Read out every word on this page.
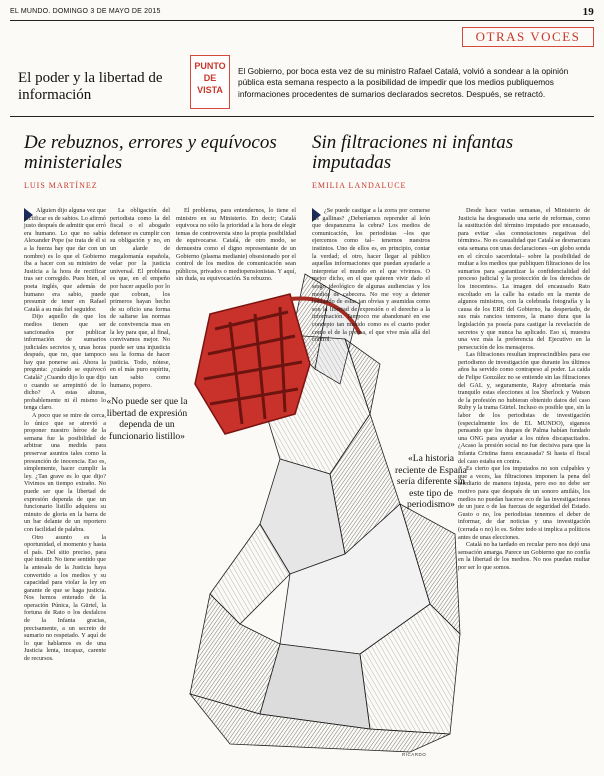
EL MUNDO. DOMINGO 3 DE MAYO DE 2015	19
OTRAS VOCES
El poder y la libertad de información
PUNTO
DE
VISTA
El Gobierno, por boca esta vez de su ministro Rafael Catalá, volvió a sondear a la opinión pública esta semana respecto a la posibilidad de impedir que los medios publiquemos informaciones procedentes de sumarios declarados secretos. Después, se retractó.
De rebuznos, errores y equívocos ministeriales
LUIS MARTÍNEZ
Sin filtraciones ni infantas imputadas
EMILIA LANDALUCE

Alguien dijo alguna vez que rectificar es de sabios. Lo afirmó justo después de admitir que erró era humano. Lo que no sabía Alexander Pope (se trata de él si a la fuerza hay que dar con un nombre) es lo que el Gobierno iba a hacer con su ministro de Justicia a la hora de rectificar tras ser corregido. Pues bien, el poeta inglés, que además de humano era sabio, puede presumir de tener en Rafael Catalá a su más fiel seguidor.

Dijo aquello de que los medios tienen que ser sancionados por publicar información de sumarios judiciales secretos y, unas horas después, que no, que tampoco hay que ponerse así. Ahora la pregunta: ¿cuándo se equivocó Catalá? ¿Cuando dijo lo que dijo o cuando se arrepintió de lo dicho? A estas alturas, probablemente ni él mismo lo tenga claro.

A poco que se mire de cerca, lo único que se atrevió a proponer nuestro héroe de la semana fue la posibilidad de arbitrar una medida para preservar asuntos tales como la presunción de inocencia. Eso es, simplemente, hacer cumplir la ley. ¿Tan grave es lo que dijo? Vivimos un tiempo extraño. No puede ser que la libertad de expresión dependa de que un funcionario listillo adquiera su minuto de gloria en la barra de un bar delante de un reportero con facilidad de palabra.

Otro asunto es la oportunidad, el momento y hasta el país. Del sitio preciso, para qué insistir. No tiene sentido que la antesala de la Justicia haya convertido a los medios y su capacidad para violar la ley en garante de que se haga justicia. Nos hemos enterado de la operación Púnica, la Gürtel, la fortuna de Rato o los desfalcos de la Infanta gracias, precisamente, a un secreto de sumario no respetado. Y aquí de lo que hablamos es de una Justicia lenta, incapaz, carente de recursos.

La obligación del periodista como la del fiscal o el abogado defensor es cumplir con su obligación y no, en un alarde de megalomanía española, velar por la justicia universal. El problema es que, en el empeño por hacer aquello por lo que cobran, los primeros hayan hecho de su oficio una forma de saltarse las normas de convivencia mas en la ley para que, al final, convivamos mejor. No puede ser una injusticia sea la forma de hacer justicia. Todo, nótese, en el más puro espíritu, tan sabio como humano, popero.

El problema, para entendernos, lo tiene el ministro en su Ministerio. En decir; Catalá equivoca no sólo la prioridad a la hora de elegir temas de controversia sino la propia posibilidad de equivocarse. Catalá, de otro modo, se demuestra como el digno representante de un Gobierno (plasma mediante) obsesionado por el control de los medios de comunicación sean públicos, privados o mediopensionistas. Y aquí, sin duda, su equivocación. Su rebuzno.

«No puede ser que la libertad de expresión dependa de un funcionario listillo»

¿Se puede castigar a la zorra por comerse las gallinas? ¿Deberíamos reprender al león que despanzurra la cebra? Los medios de comunicación, los periodistas –los que ejercemos como tal– tenemos nuestros instintos. Uno de ellos es, en principio, contar la verdad; el otro, hacer llegar al público aquellas informaciones que puedan ayudarle a interpretar el mundo en el que vivimos. O mejor dicho, en el que quieren vivir dado el sesgo ideológico de algunas audiencias y los medios de cabecera. No me voy a detener hablando de estas tan obvias y asumidas como son la libertad de expresión o el derecho a la información. Tampoco me abandonaré en ese concepto tan manido como es el cuarto poder como el de la prensa, el que vive más allá del control.

Desde hace varias semanas, el Ministerio de Justicia ha desgranado una serie de reformas, como la sustitución del término imputado por encausado, para evitar «las connotaciones negativas del término». No es casualidad que Catalá se desmarcara esta semana con unas declaraciones –un globo sonda en el círculo sacerdotal– sobre la posibilidad de multar a los medios que publiquen filtraciones de los sumarios para «garantizar la confidencialidad del proceso judicial y la protección de los derechos de los inocentes». La imagen del encausado Rato escoltado en la calle ha estado en la mente de algunos ministros, con la celebrada fotografía y la causa de los ERE del Gobierno, ha despertado, de sus más rancios temores, la mano dura que la legislación ya poseía para castigar la revelación de secretos y que nunca ha aplicado. Eso sí, muestra una vez más la preferencia del Ejecutivo en la persecución de los mensajeros.

Las filtraciones resultan imprescindibles para ese periodismo de investigación que durante los últimos años ha servido como contrapeso al poder. La caída de Felipe González no se entiende sin las filtraciones del GAL y, seguramente, Rajoy afrontaría más tranquilo estas elecciones si los Sherlock y Watson de la profesión no hubieran obtenido datos del caso Ruby y la trama Gürtel. Incluso es posible que, sin la labor de los periodistas de investigación (especialmente los de EL MUNDO), sigamos pensando que los duques de Palma habían fundado una ONG para ayudar a los niños discapacitados. ¿Acaso la presión social no fue decisiva para que la Infanta Cristina fuera encausada? Si hasta el fiscal del caso estaba en contra.

Es cierto que los imputados no son culpables y que a veces, las filtraciones imponen la pena del telediario de manera injusta, pero eso no debe ser motivo para que después de un sonoro amiláis, los medios no puedan hacerse eco de las investigaciones de un juez o de las fuerzas de seguridad del Estado. Gusto o no, los periodistas tenemos el deber de informar, de dar noticias y una investigación (cerrada o no) lo es. Sobre todo si implica a políticos antes de unas elecciones.

Catalá no ha tardado en recular pero nos dejó una sensación amarga. Parece un Gobierno que no confía en la libertad de los medios. No nos puedan multar por ser lo que somos.

«La historia reciente de España sería diferente sin este tipo de periodismo»
RICARDO
